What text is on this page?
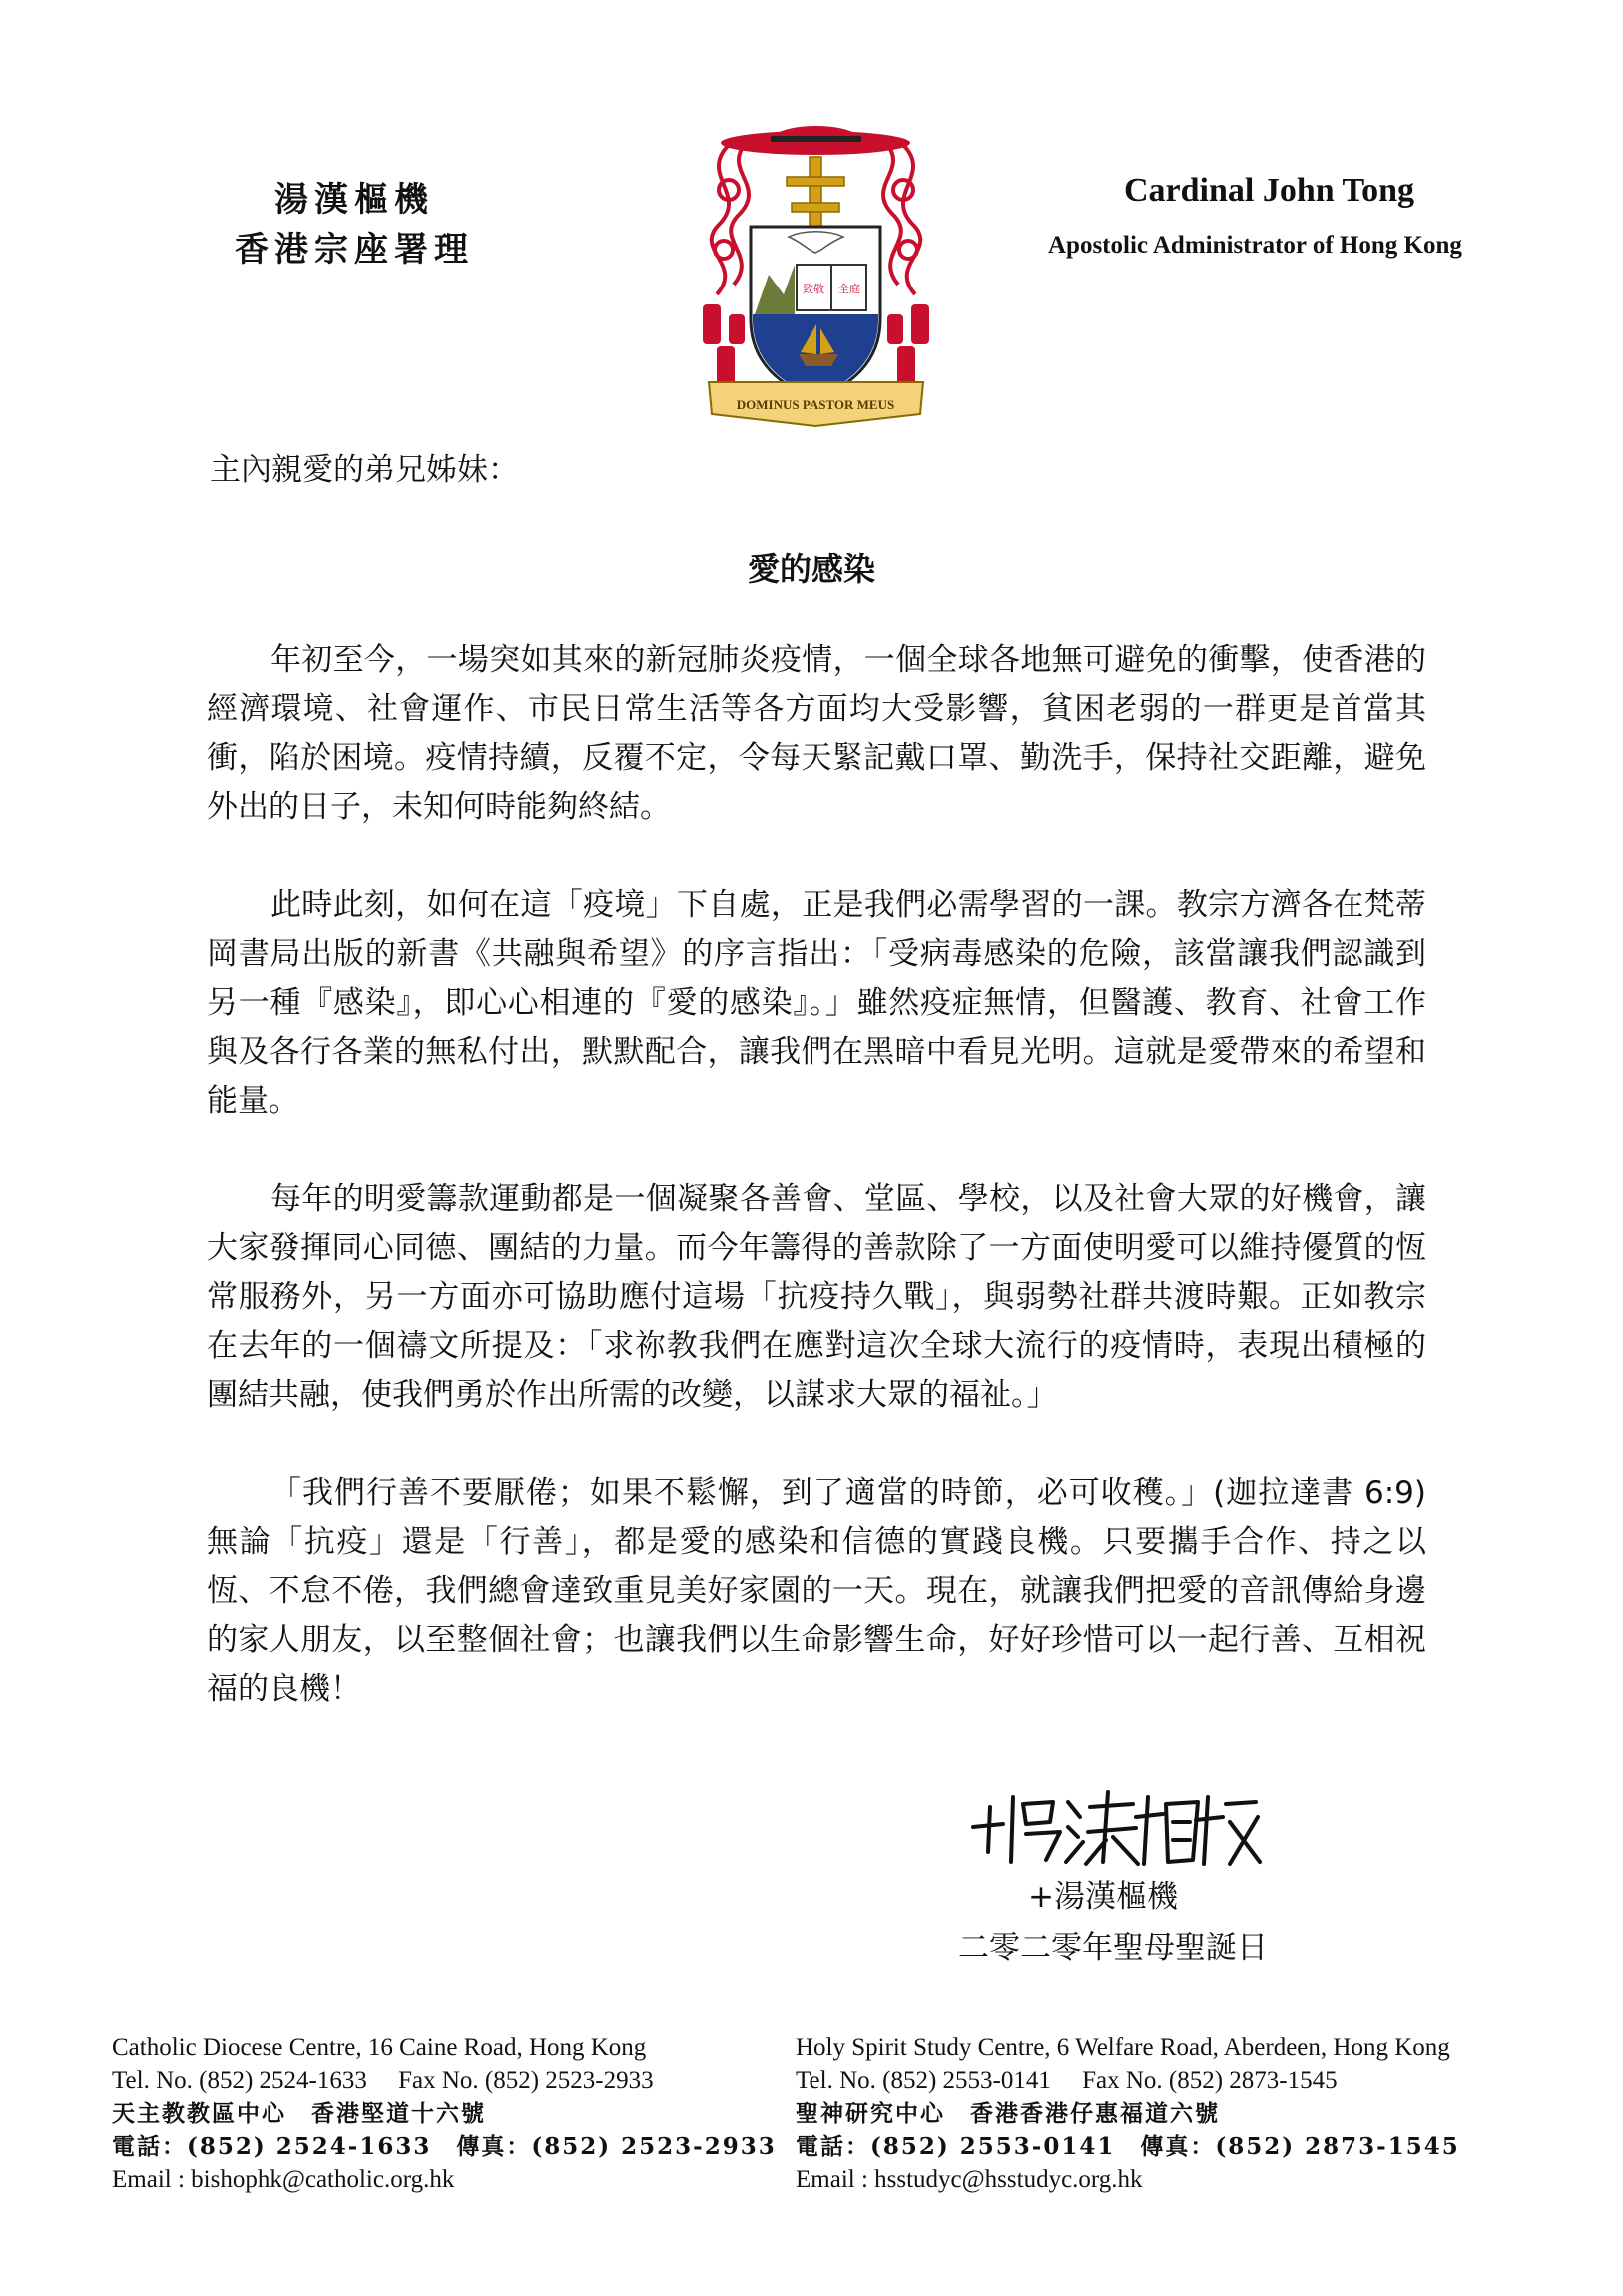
湯漢樞機
香港宗座署理
Cardinal John Tong
Apostolic Administrator of Hong Kong
致敬 全庭
DOMINUS PASTOR MEUS
主內親愛的弟兄姊妹：
愛的感染

年初至今，一場突如其來的新冠肺炎疫情，一個全球各地無可避免的衝擊，使香港的經濟環境、社會運作、市民日常生活等各方面均大受影響，貧困老弱的一群更是首當其衝，陷於困境。疫情持續，反覆不定，令每天緊記戴口罩、勤洗手，保持社交距離，避免外出的日子，未知何時能夠終結。

此時此刻，如何在這「疫境」下自處，正是我們必需學習的一課。教宗方濟各在梵蒂岡書局出版的新書《共融與希望》的序言指出：「受病毒感染的危險，該當讓我們認識到另一種『感染』，即心心相連的『愛的感染』。」雖然疫症無情，但醫護、教育、社會工作與及各行各業的無私付出，默默配合，讓我們在黑暗中看見光明。這就是愛帶來的希望和能量。

每年的明愛籌款運動都是一個凝聚各善會、堂區、學校，以及社會大眾的好機會，讓大家發揮同心同德、團結的力量。而今年籌得的善款除了一方面使明愛可以維持優質的恆常服務外，另一方面亦可協助應付這場「抗疫持久戰」，與弱勢社群共渡時艱。正如教宗在去年的一個禱文所提及：「求祢教我們在應對這次全球大流行的疫情時，表現出積極的團結共融，使我們勇於作出所需的改變，以謀求大眾的福祉。」

「我們行善不要厭倦；如果不鬆懈，到了適當的時節，必可收穫。」(迦拉達書 6:9) 無論「抗疫」還是「行善」，都是愛的感染和信德的實踐良機。只要攜手合作、持之以恆、不怠不倦，我們總會達致重見美好家園的一天。現在，就讓我們把愛的音訊傳給身邊的家人朋友，以至整個社會；也讓我們以生命影響生命，好好珍惜可以一起行善、互相祝福的良機！

+湯漢樞機
二零二零年聖母聖誕日
Catholic Diocese Centre, 16 Caine Road, Hong Kong
Tel. No. (852) 2524-1633     Fax No. (852) 2523-2933
天主教教區中心　香港堅道十六號
電話：(852) 2524-1633　傳真：(852) 2523-2933
Email : bishophk@catholic.org.hk
Holy Spirit Study Centre, 6 Welfare Road, Aberdeen, Hong Kong
Tel. No. (852) 2553-0141     Fax No. (852) 2873-1545
聖神研究中心　香港香港仔惠福道六號
電話：(852) 2553-0141　傳真：(852) 2873-1545
Email : hsstudyc@hsstudyc.org.hk
